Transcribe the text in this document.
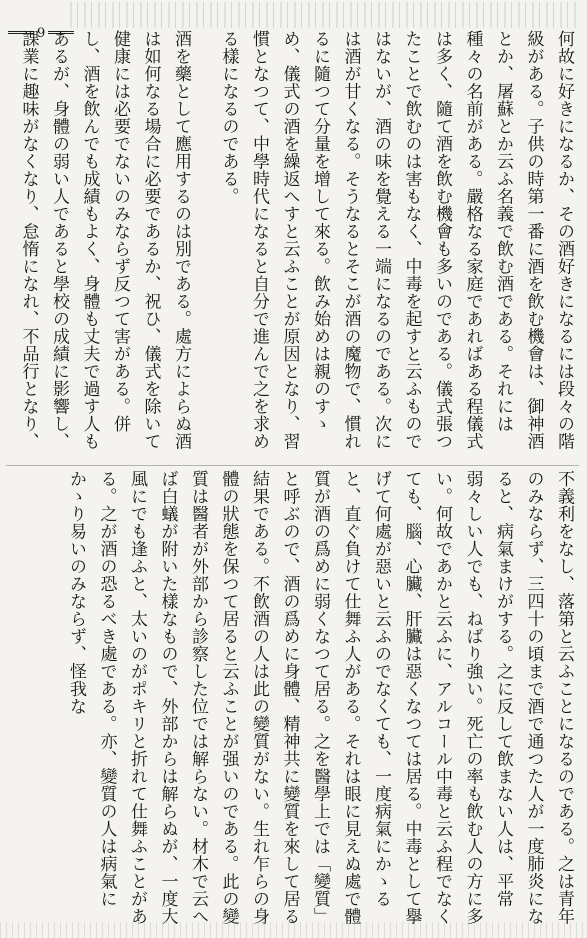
9	何故に好きになるか、その酒好きになるには段々の階級がある。子供の時第一番に酒を飲む機會は、御神酒とか、屠蘇とか云ふ名義で飲む酒である。それには種々の名前がある。嚴格なる家庭であればある程儀式は多く、隨て酒を飲む機會も多いのである。儀式張つたことで飲むのは害もなく、中毒を起すと云ふものではないが、酒の味を覺える一端になるのである。次には酒が甘くなる。そうなるとそこが酒の魔物で、慣れるに隨つて分量を增して來る。飲み始めは親のすゝめ、儀式の酒を繰返へすと云ふことが原因となり、習慣となつて、中學時代になると自分で進んで之を求める樣になるのである。

酒を藥として應用するのは別である。處方によらぬ酒は如何なる場合に必要であるか、祝ひ、儀式を除いて健康には必要でないのみならず反つて害がある。併し、酒を飲んでも成績もよく、身體も丈夫で過す人もあるが、身體の弱い人であると學校の成績に影響し、課業に趣味がなくなり、怠惰になれ、不品行となり、

不義利をなし、落第と云ふことになるのである。之は青年のみならず、三四十の頃まで酒で通つた人が一度肺炎になると、病氣まけがする。之に反して飲まない人は、平常弱々しい人でも、ねばり強い。死亡の率も飲む人の方に多い。何故であかと云ふに、アルコール中毒と云ふ程でなくても、腦、心臟、肝臟は惡くなつては居る。中毒として擧げて何處が惡いと云ふのでなくても、一度病氣にかゝると、直ぐ負けて仕舞ふ人がある。それは眼に見えぬ處で體質が酒の爲めに弱くなつて居る。之を醫學上では「變質」と呼ぶので、酒の爲めに身體、精神共に變質を來して居る結果である。不飲酒の人は此の變質がない。生れ乍らの身體の狀態を保つて居ると云ふことが强いのである。此の變質は醫者が外部から診察した位では解らない。材木で云へば白蟻が附いた樣なもので、外部からは解らぬが、一度大風にでも逢ふと、太いのがポキリと折れて仕舞ふことがある。之が酒の恐るべき處である。亦、變質の人は病氣にかゝり易いのみならず、怪我な
